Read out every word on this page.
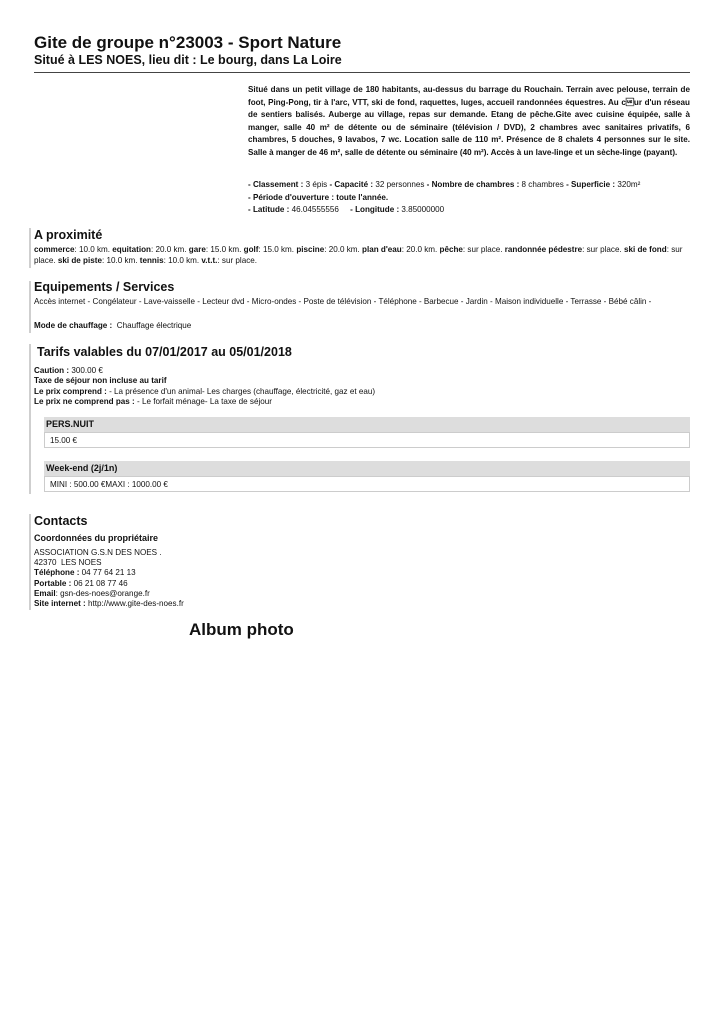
Gite de groupe n°23003 - Sport Nature
Situé à LES NOES, lieu dit : Le bourg, dans La Loire
Situé dans un petit village de 180 habitants, au-dessus du barrage du Rouchain. Terrain avec pelouse, terrain de foot, Ping-Pong, tir à l'arc, VTT, ski de fond, raquettes, luges, accueil randonnées équestres. Au cur d'un réseau de sentiers balisés. Auberge au village, repas sur demande. Etang de pêche.Gite avec cuisine équipée, salle à manger, salle 40 m² de détente ou de séminaire (télévision / DVD), 2 chambres avec sanitaires privatifs, 6 chambres, 5 douches, 9 lavabos, 7 wc. Location salle de 110 m². Présence de 8 chalets 4 personnes sur le site. Salle à manger de 46 m², salle de détente ou séminaire (40 m²). Accès à un lave-linge et un sèche-linge (payant).
- Classement : 3 épis - Capacité : 32 personnes - Nombre de chambres : 8 chambres - Superficie : 320m²
- Période d'ouverture : toute l'année.
- Latitude : 46.04555556 - Longitude : 3.85000000
A proximité
commerce: 10.0 km. equitation: 20.0 km. gare: 15.0 km. golf: 15.0 km. piscine: 20.0 km. plan d'eau: 20.0 km. pêche: sur place. randonnée pédestre: sur place. ski de fond: sur place. ski de piste: 10.0 km. tennis: 10.0 km. v.t.t.: sur place.
Equipements / Services
Accès internet - Congélateur - Lave-vaisselle - Lecteur dvd - Micro-ondes - Poste de télévision - Téléphone - Barbecue - Jardin - Maison individuelle - Terrasse - Bébé câlin -
Mode de chauffage : Chauffage électrique
Tarifs valables du 07/01/2017 au 05/01/2018
Caution : 300.00 €
Taxe de séjour non incluse au tarif
Le prix comprend : - La présence d'un animal- Les charges (chauffage, électricité, gaz et eau)
Le prix ne comprend pas : - Le forfait ménage- La taxe de séjour
PERS.NUIT
15.00 €
Week-end (2j/1n)
MINI : 500.00 €MAXI : 1000.00 €
Contacts
Coordonnées du propriétaire
ASSOCIATION G.S.N DES NOES .
42370  LES NOES
Téléphone : 04 77 64 21 13
Portable : 06 21 08 77 46
Email: gsn-des-noes@orange.fr
Site internet : http://www.gite-des-noes.fr
Album photo
